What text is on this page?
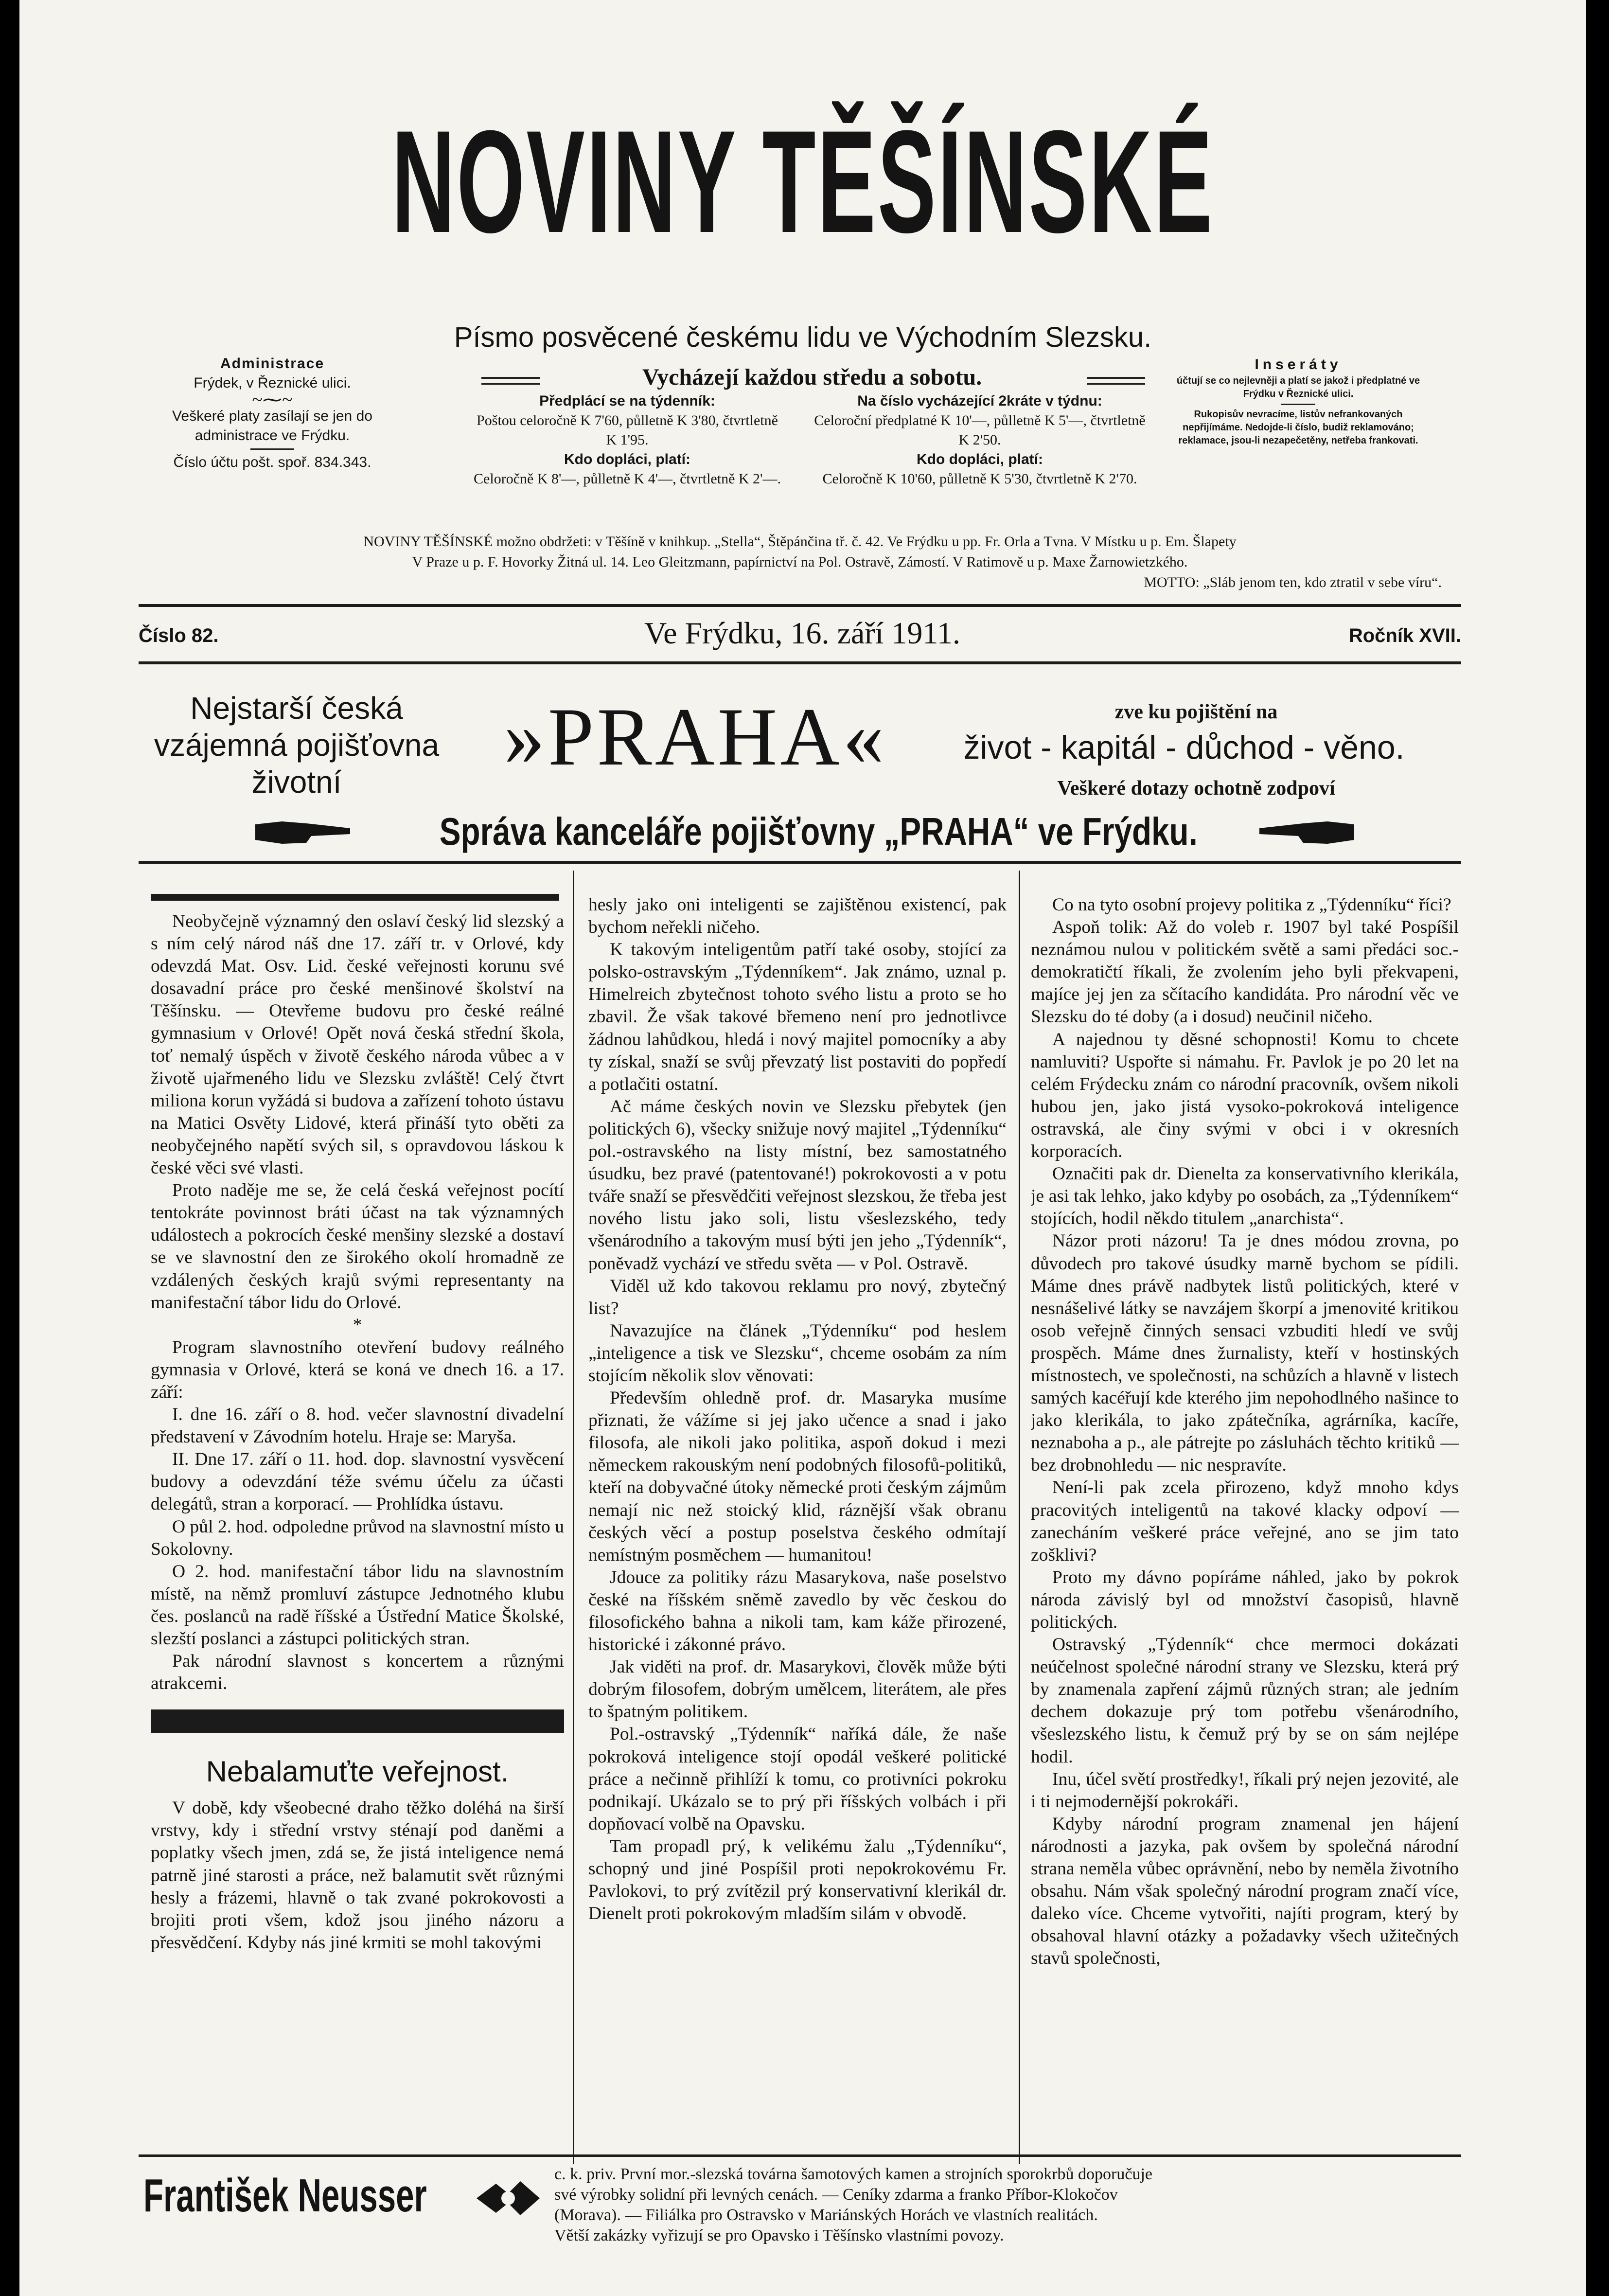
NOVINY TĚŠÍNSKÉ
Písmo posvěcené českému lidu ve Východním Slezsku.
Vycházejí každou středu a sobotu.
Administrace
Frýdek, v Řeznické ulici.
~⁓~
Veškeré platy zasílají se jen do administrace ve Frýdku.
Číslo účtu pošt. spoř. 834.343.
Předplácí se na týdenník:
Poštou celoročně K 7'60, půlletně K 3'80, čtvrtletně K 1'95.
Kdo dopláci, platí:
Celoročně K 8'—, půlletně K 4'—, čtvrtletně K 2'—.
Na číslo vycházející 2kráte v týdnu:
Celoroční předplatné K 10'—, půlletně K 5'—, čtvrtletně K 2'50.
Kdo dopláci, platí:
Celoročně K 10'60, půlletně K 5'30, čtvrtletně K 2'70.
Inseráty
účtují se co nejlevněji a platí se jakož i předplatné ve Frýdku v Řeznické ulici.
Rukopisův nevracíme, listův nefrankovaných nepřijímáme. Nedojde-li číslo, budiž reklamováno; reklamace, jsou-li nezapečetěny, netřeba frankovati.
NOVINY TĚŠÍNSKÉ možno obdržeti: v Těšíně v knihkup. „Stella“, Štěpánčina tř. č. 42. Ve Frýdku u pp. Fr. Orla a Tvna. V Místku u p. Em. Šlapety
V Praze u p. F. Hovorky Žitná ul. 14. Leo Gleitzmann, papírnictví na Pol. Ostravě, Zámostí. V Ratimově u p. Maxe Žarnowietzkého.
MOTTO: „Sláb jenom ten, kdo ztratil v sebe víru“.
Číslo 82.	Ve Frýdku, 16. září 1911.	Ročník XVII.
Nejstarší česká vzájemná pojišťovna životní	»PRAHA«	zve ku pojištění na
život - kapitál - důchod - věno.
Veškeré dotazy ochotně zodpoví
Správa kanceláře pojišťovny „PRAHA“ ve Frýdku.

Neobyčejně významný den oslaví český lid slezský a s ním celý národ náš dne 17. září tr. v Orlové, kdy odevzdá Mat. Osv. Lid. české veřejnosti korunu své dosavadní práce pro české menšinové školství na Těšínsku. — Otevřeme budovu pro české reálné gymnasium v Orlové! Opět nová česká střední škola, toť nemalý úspěch v životě českého národa vůbec a v životě ujařmeného lidu ve Slezsku zvláště! Celý čtvrt miliona korun vyžádá si budova a zařízení tohoto ústavu na Matici Osvěty Lidové, která přináší tyto oběti za neobyčejného napětí svých sil, s opravdovou láskou k české věci své vlasti.

Proto naděje me se, že celá česká veřejnost pocítí tentokráte povinnost bráti účast na tak významných událostech a pokrocích české menšiny slezské a dostaví se ve slavnostní den ze širokého okolí hromadně ze vzdálených českých krajů svými representanty na manifestační tábor lidu do Orlové.

*

Program slavnostního otevření budovy reálného gymnasia v Orlové, která se koná ve dnech 16. a 17. září:

I. dne 16. září o 8. hod. večer slavnostní divadelní představení v Závodním hotelu. Hraje se: Maryša.

II. Dne 17. září o 11. hod. dop. slavnostní vysvěcení budovy a odevzdání téže svému účelu za účasti delegátů, stran a korporací. — Prohlídka ústavu.

O půl 2. hod. odpoledne průvod na slavnostní místo u Sokolovny.

O 2. hod. manifestační tábor lidu na slavnostním místě, na němž promluví zástupce Jednotného klubu čes. poslanců na radě říšské a Ústřední Matice Školské, slezští poslanci a zástupci politických stran.

Pak národní slavnost s koncertem a různými atrakcemi.

Nebalamuťte veřejnost.

V době, kdy všeobecné draho těžko doléhá na širší vrstvy, kdy i střední vrstvy sténají pod daněmi a poplatky všech jmen, zdá se, že jistá inteligence nemá patrně jiné starosti a práce, než balamutit svět různými hesly a frázemi, hlavně o tak zvané pokrokovosti a brojiti proti všem, kdož jsou jiného názoru a přesvědčení. Kdyby nás jiné krmiti se mohl takovými

hesly jako oni inteligenti se zajištěnou existencí, pak bychom neřekli ničeho.

K takovým inteligentům patří také osoby, stojící za polsko-ostravským „Týdenníkem“. Jak známo, uznal p. Himelreich zbytečnost tohoto svého listu a proto se ho zbavil. Že však takové břemeno není pro jednotlivce žádnou lahůdkou, hledá i nový majitel pomocníky a aby ty získal, snaží se svůj převzatý list postaviti do popředí a potlačiti ostatní.

Ač máme českých novin ve Slezsku přebytek (jen politických 6), všecky snižuje nový majitel „Týdenníku“ pol.-ostravského na listy místní, bez samostatného úsudku, bez pravé (patentované!) pokrokovosti a v potu tváře snaží se přesvědčiti veřejnost slezskou, že třeba jest nového listu jako soli, listu všeslezského, tedy všenárodního a takovým musí býti jen jeho „Týdenník“, poněvadž vychází ve středu světa — v Pol. Ostravě.

Viděl už kdo takovou reklamu pro nový, zbytečný list?

Navazujíce na článek „Týdenníku“ pod heslem „inteligence a tisk ve Slezsku“, chceme osobám za ním stojícím několik slov věnovati:

Především ohledně prof. dr. Masaryka musíme přiznati, že vážíme si jej jako učence a snad i jako filosofa, ale nikoli jako politika, aspoň dokud i mezi německem rakouským není podobných filosofů-politiků, kteří na dobyvačné útoky německé proti českým zájmům nemají nic než stoický klid, ráznější však obranu českých věcí a postup poselstva českého odmítají nemístným posměchem — humanitou!

Jdouce za politiky rázu Masarykova, naše poselstvo české na říšském sněmě zavedlo by věc českou do filosofického bahna a nikoli tam, kam káže přirozené, historické i zákonné právo.

Jak viděti na prof. dr. Masarykovi, člověk může býti dobrým filosofem, dobrým umělcem, literátem, ale přes to špatným politikem.

Pol.-ostravský „Týdenník“ naříká dále, že naše pokroková inteligence stojí opodál veškeré politické práce a nečinně přihlíží k tomu, co protivníci pokroku podnikají. Ukázalo se to prý při říšských volbách i při dopňovací volbě na Opavsku.

Tam propadl prý, k velikému žalu „Týdenníku“, schopný und jiné Pospíšil proti nepokrokovému Fr. Pavlokovi, to prý zvítězil prý konservativní klerikál dr. Dienelt proti pokrokovým mladším silám v obvodě.

Co na tyto osobní projevy politika z „Týdenníku“ říci?

Aspoň tolik: Až do voleb r. 1907 byl také Pospíšil neznámou nulou v politickém světě a sami předáci soc.-demokratičtí říkali, že zvolením jeho byli překvapeni, majíce jej jen za sčítacího kandidáta. Pro národní věc ve Slezsku do té doby (a i dosud) neučinil ničeho.

A najednou ty děsné schopnosti! Komu to chcete namluviti? Uspořte si námahu. Fr. Pavlok je po 20 let na celém Frýdecku znám co národní pracovník, ovšem nikoli hubou jen, jako jistá vysoko-pokroková inteligence ostravská, ale činy svými v obci i v okresních korporacích.

Označiti pak dr. Dienelta za konservativního klerikála, je asi tak lehko, jako kdyby po osobách, za „Týdenníkem“ stojících, hodil někdo titulem „anarchista“.

Názor proti názoru! Ta je dnes módou zrovna, po důvodech pro takové úsudky marně bychom se pídili. Máme dnes právě nadbytek listů politických, které v nesnášelivé látky se navzájem škorpí a jmenovité kritikou osob veřejně činných sensaci vzbuditi hledí ve svůj prospěch. Máme dnes žurnalisty, kteří v hostinských místnostech, ve společnosti, na schůzích a hlavně v listech samých kacéřují kde kterého jim nepohodlného našince to jako klerikála, to jako zpátečníka, agrárníka, kacíře, neznaboha a p., ale pátrejte po zásluhách těchto kritiků — bez drobnohledu — nic nespravíte.

Není-li pak zcela přirozeno, když mnoho kdys pracovitých inteligentů na takové klacky odpoví — zanecháním veškeré práce veřejné, ano se jim tato zošklivi?

Proto my dávno popíráme náhled, jako by pokrok národa závislý byl od množství časopisů, hlavně politických.

Ostravský „Týdenník“ chce mermoci dokázati neúčelnost společné národní strany ve Slezsku, která prý by znamenala zapření zájmů různých stran; ale jedním dechem dokazuje prý tom potřebu všenárodního, všeslezského listu, k čemuž prý by se on sám nejlépe hodil.

Inu, účel světí prostředky!, říkali prý nejen jezovité, ale i ti nejmodernější pokrokáři.

Kdyby národní program znamenal jen hájení národnosti a jazyka, pak ovšem by společná národní strana neměla vůbec oprávnění, nebo by neměla životního obsahu. Nám však společný národní program značí více, daleko více. Chceme vytvořiti, najíti program, který by obsahoval hlavní otázky a požadavky všech užitečných stavů společnosti,

František Neusser	c. k. priv. První mor.-slezská továrna šamotových kamen a strojních sporokrbů doporučuje
své výrobky solidní při levných cenách. — Ceníky zdarma a franko Příbor-Klokočov
(Morava). — Filiálka pro Ostravsko v Mariánských Horách ve vlastních realitách.
Větší zakázky vyřizují se pro Opavsko i Těšínsko vlastními povozy.
